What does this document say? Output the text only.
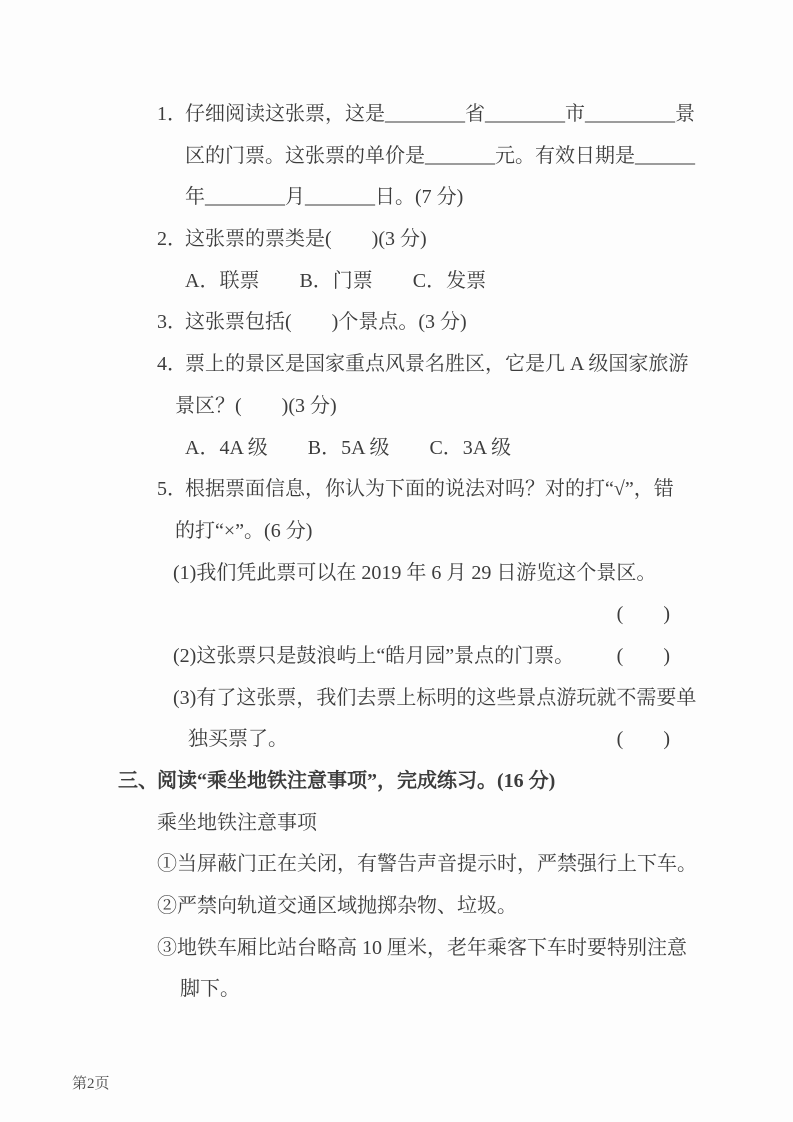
1．仔细阅读这张票，这是________省________市_________景
区的门票。这张票的单价是_______元。有效日期是______
年________月_______日。(7 分)
2．这张票的票类是(　　)(3 分)
A．联票　　B．门票　　C．发票
3．这张票包括(　　)个景点。(3 分)
4．票上的景区是国家重点风景名胜区，它是几 A 级国家旅游
景区？(　　)(3 分)
A．4A 级　　B．5A 级　　C．3A 级
5．根据票面信息，你认为下面的说法对吗？对的打“√”，错
的打“×”。(6 分)
(1)我们凭此票可以在 2019 年 6 月 29 日游览这个景区。
(　　)
(2)这张票只是鼓浪屿上“皓月园”景点的门票。 (　　)
(3)有了这张票，我们去票上标明的这些景点游玩就不需要单
独买票了。	(　　)
三、阅读“乘坐地铁注意事项”，完成练习。(16 分)
乘坐地铁注意事项
①当屏蔽门正在关闭，有警告声音提示时，严禁强行上下车。
②严禁向轨道交通区域抛掷杂物、垃圾。
③地铁车厢比站台略高 10 厘米，老年乘客下车时要特别注意
脚下。
第2页
